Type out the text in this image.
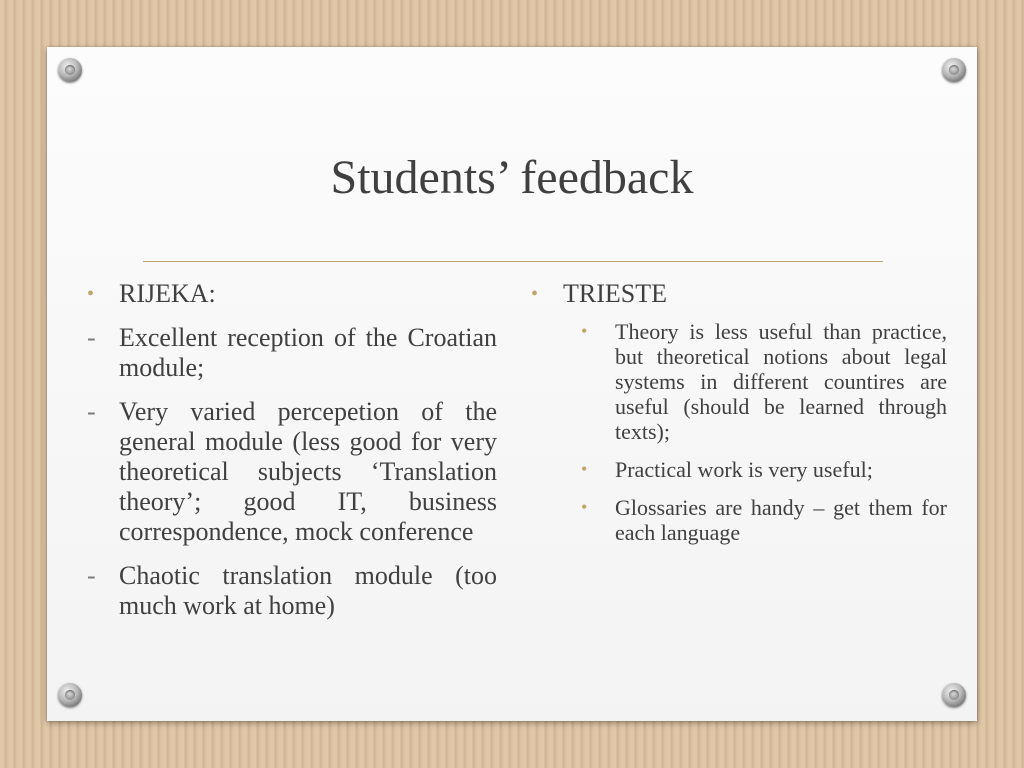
Students’ feedback

• RIJEKA:

- Excellent reception of the Croatian module;

- Very varied percepetion of the general module (less good for very theoretical subjects ‘Translation theory’; good IT, business correspondence, mock conference

- Chaotic translation module (too much work at home)

• TRIESTE

• Theory is less useful than practice, but theoretical notions about legal systems in different countires are useful (should be learned through texts);

• Practical work is very useful;

• Glossaries are handy – get them for each language
